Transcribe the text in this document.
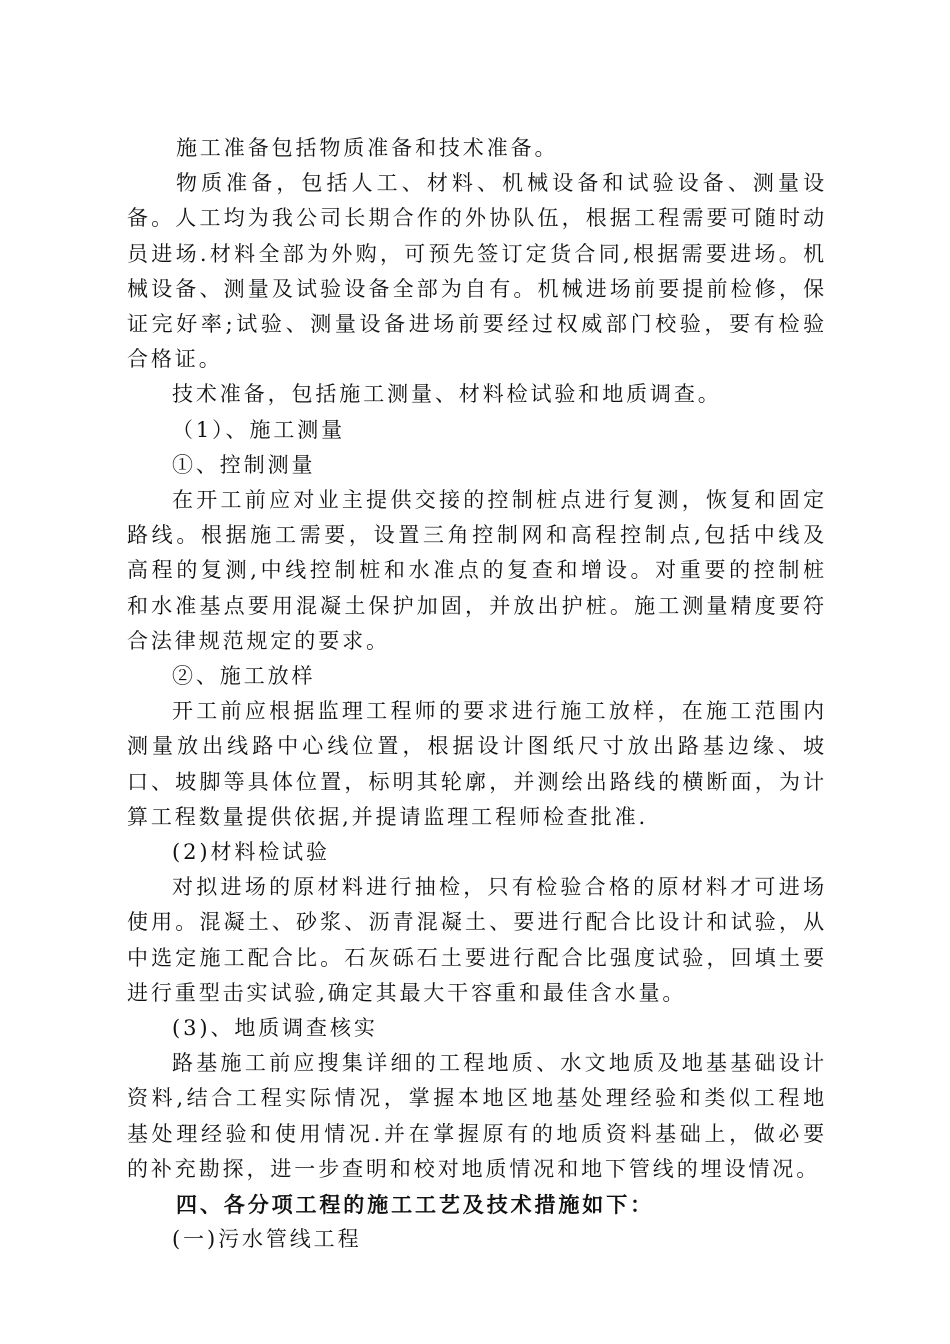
施工准备包括物质准备和技术准备。

物质准备，包括人工、材料、机械设备和试验设备、测量设备。人工均为我公司长期合作的外协队伍，根据工程需要可随时动员进场.材料全部为外购，可预先签订定货合同,根据需要进场。机械设备、测量及试验设备全部为自有。机械进场前要提前检修，保证完好率;试验、测量设备进场前要经过权威部门校验，要有检验合格证。

技术准备，包括施工测量、材料检试验和地质调查。

（1）、施工测量

①、控制测量

在开工前应对业主提供交接的控制桩点进行复测，恢复和固定路线。根据施工需要，设置三角控制网和高程控制点,包括中线及高程的复测,中线控制桩和水准点的复查和增设。对重要的控制桩和水准基点要用混凝土保护加固，并放出护桩。施工测量精度要符合法律规范规定的要求。

②、施工放样

开工前应根据监理工程师的要求进行施工放样，在施工范围内测量放出线路中心线位置，根据设计图纸尺寸放出路基边缘、坡口、坡脚等具体位置，标明其轮廓，并测绘出路线的横断面，为计算工程数量提供依据,并提请监理工程师检查批准.

(2)材料检试验

对拟进场的原材料进行抽检，只有检验合格的原材料才可进场使用。混凝土、砂浆、沥青混凝土、要进行配合比设计和试验，从中选定施工配合比。石灰砾石土要进行配合比强度试验，回填土要进行重型击实试验,确定其最大干容重和最佳含水量。

(3)、地质调查核实

路基施工前应搜集详细的工程地质、水文地质及地基基础设计资料,结合工程实际情况，掌握本地区地基处理经验和类似工程地基处理经验和使用情况.并在掌握原有的地质资料基础上，做必要的补充勘探，进一步查明和校对地质情况和地下管线的埋设情况。

四、各分项工程的施工工艺及技术措施如下：

(一)污水管线工程
